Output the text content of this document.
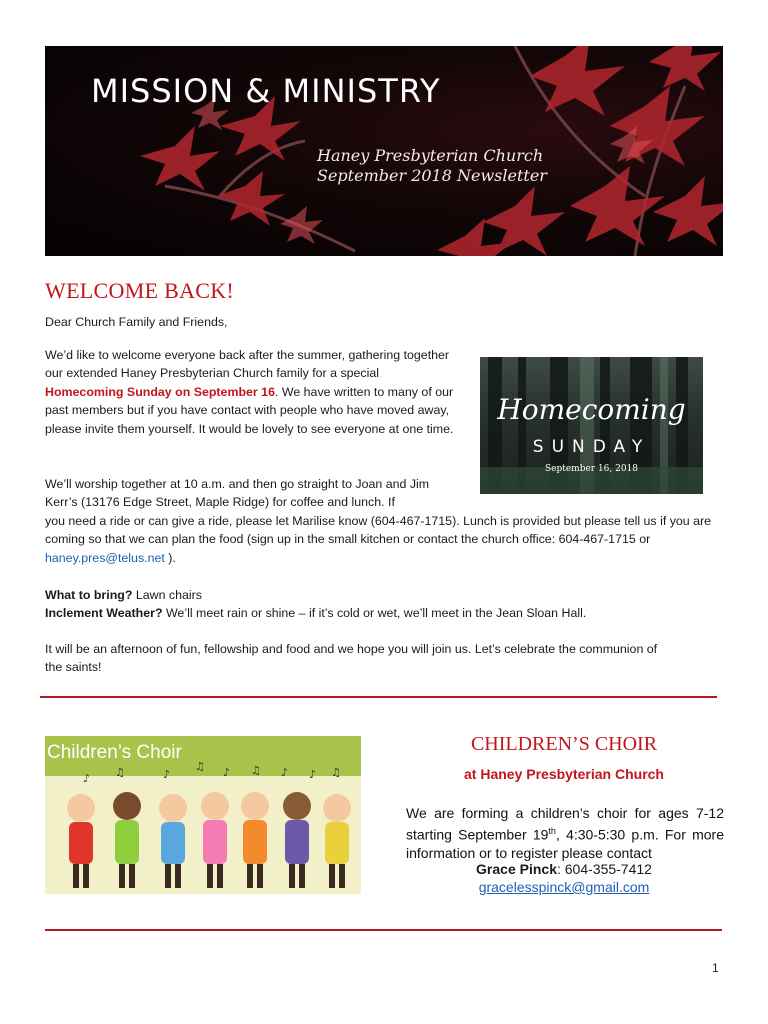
MISSION & MINISTRY
Haney Presbyterian Church
September 2018 Newsletter
WELCOME BACK!

Dear Church Family and Friends,

We’d like to welcome everyone back after the summer, gathering together our extended Haney Presbyterian Church family for a special Homecoming Sunday on September 16. We have written to many of our past members but if you have contact with people who have moved away, please invite them yourself. It would be lovely to see everyone at one time.

Homecoming
SUNDAY
September 16, 2018

We’ll worship together at 10 a.m. and then go straight to Joan and Jim Kerr’s (13176 Edge Street, Maple Ridge) for coffee and lunch. If

you need a ride or can give a ride, please let Marilise know (604-467-1715). Lunch is provided but please tell us if you are coming so that we can plan the food (sign up in the small kitchen or contact the church office: 604-467-1715 or haney.pres@telus.net ).

What to bring? Lawn chairs

Inclement Weather? We’ll meet rain or shine – if it’s cold or wet, we’ll meet in the Jean Sloan Hall.

It will be an afternoon of fun, fellowship and food and we hope you will join us. Let’s celebrate the communion of the saints!

♪ ♫	♪
♫ ♪ ♫ ♪ ♪ ♫
Children’s Choir	CHILDREN’S CHOIR
at Haney Presbyterian Church
We are forming a children’s choir for ages 7-12 starting September 19th, 4:30-5:30 p.m. For more information or to register please contact
Grace Pinck: 604-355-7412
gracelesspinck@gmail.com
1
